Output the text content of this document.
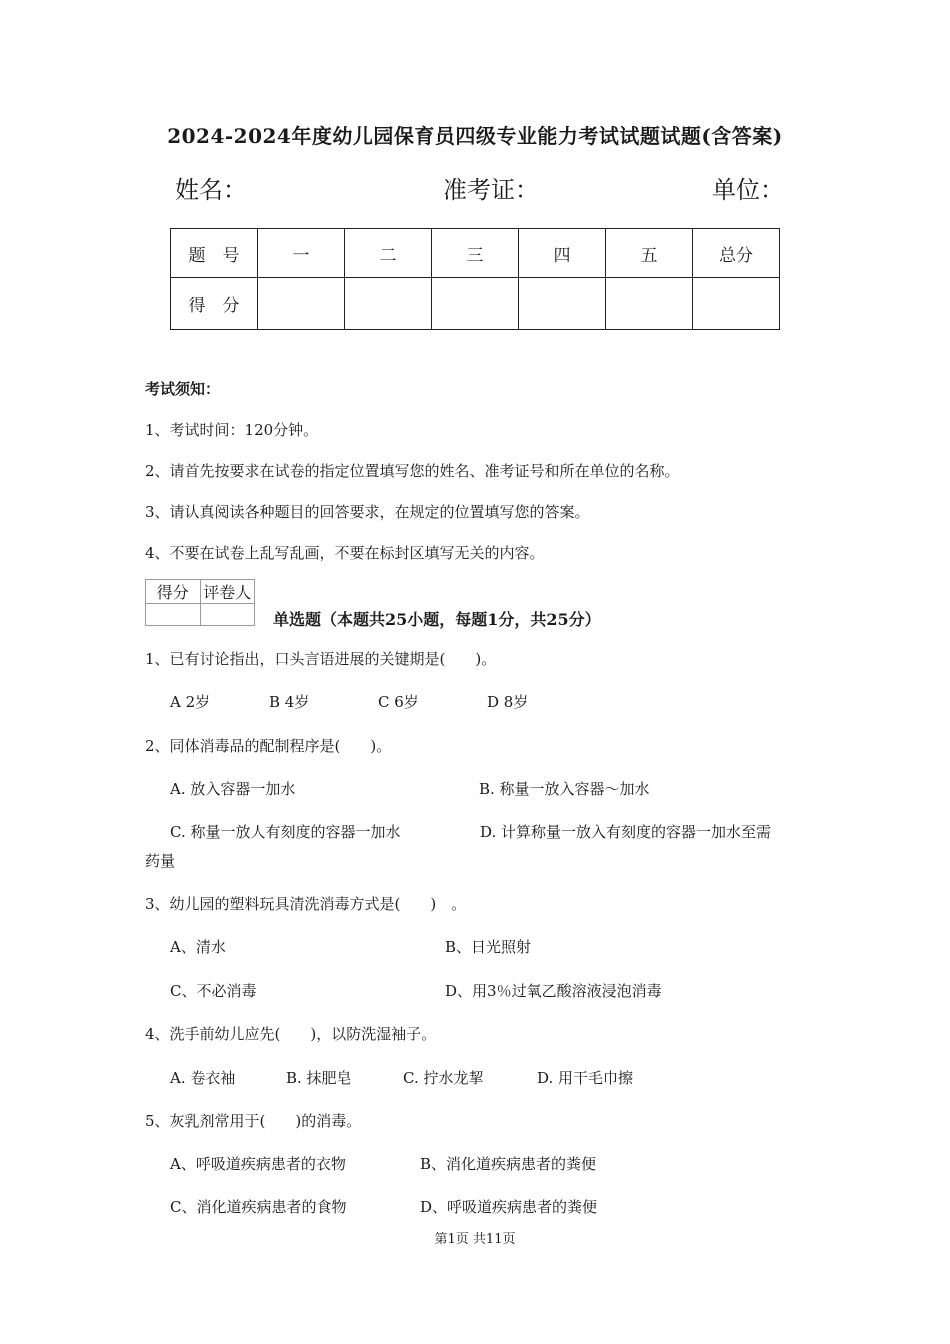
2024-2024年度幼儿园保育员四级专业能力考试试题试题(含答案)
姓名：	准考证：	单位：
题　号	一	二	三	四	五	总分
得　分						
考试须知：
1、考试时间：120分钟。
2、请首先按要求在试卷的指定位置填写您的姓名、准考证号和所在单位的名称。
3、请认真阅读各种题目的回答要求，在规定的位置填写您的答案。
4、不要在试卷上乱写乱画，不要在标封区填写无关的内容。
得分	评卷人

单选题（本题共25小题，每题1分，共25分）
1、已有讨论指出，口头言语进展的关键期是(　　)。
A 2岁	B 4岁	C 6岁	D 8岁
2、同体消毒品的配制程序是(　　)。
A. 放入容器一加水	B. 称量一放入容器～加水
C. 称量一放人有刻度的容器一加水	D. 计算称量一放入有刻度的容器一加水至需
药量
3、幼儿园的塑料玩具清洗消毒方式是(　　)　。
A、清水	B、日光照射
C、不必消毒	D、用3％过氧乙酸溶液浸泡消毒
4、洗手前幼儿应先(　　)，以防洗湿袖子。
A. 卷衣袖	B. 抹肥皂	C. 拧水龙挈	D. 用干毛巾擦
5、灰乳剂常用于(　　)的消毒。
A、呼吸道疾病患者的衣物	B、消化道疾病患者的粪便
C、消化道疾病患者的食物	D、呼吸道疾病患者的粪便
第1页 共11页
